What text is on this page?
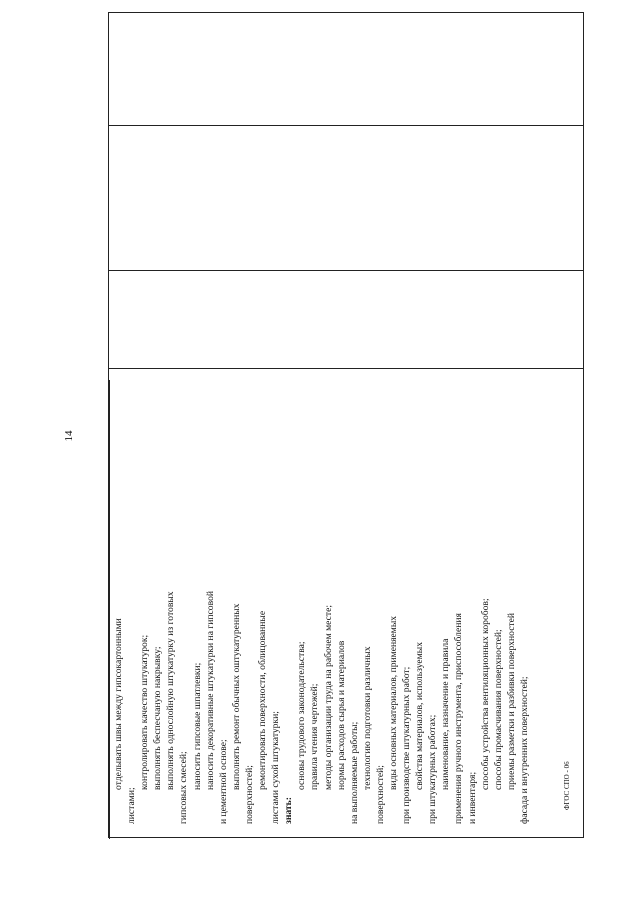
14
отделывать швы между гипсокартонными
листами;
контролировать качество штукатурок; выполнять беспесчаную накрывку; выполнять однослойную штукатурку из готовых гипсовых смесей; наносить гипсовые шпатлевки; наносить декоративные штукатурки на гипсовой и цементной основе; выполнять ремонт обычных оштукатуренных
поверхностей;
ремонтировать поверхности, облицованные листами сухой штукатурки; знать:
основы трудового законодательства; правила чтения чертежей; методы организации труда на рабочем месте; нормы расходов сырья и материалов на выполняемые работы; технологию подготовки различных
поверхностей;
виды основных материалов, применяемых при производстве штукатурных работ; свойства материалов, используемых при штукатурных работах; наименование, назначение и правила применения ручного инструмента, приспособления и инвентаря;
способы устройства вентиляционных коробов; способы промасчивания поверхностей; приемы разметки и разбивки поверхностей фасада и внутренних поверхностей;	ФГОС СПО - 06
